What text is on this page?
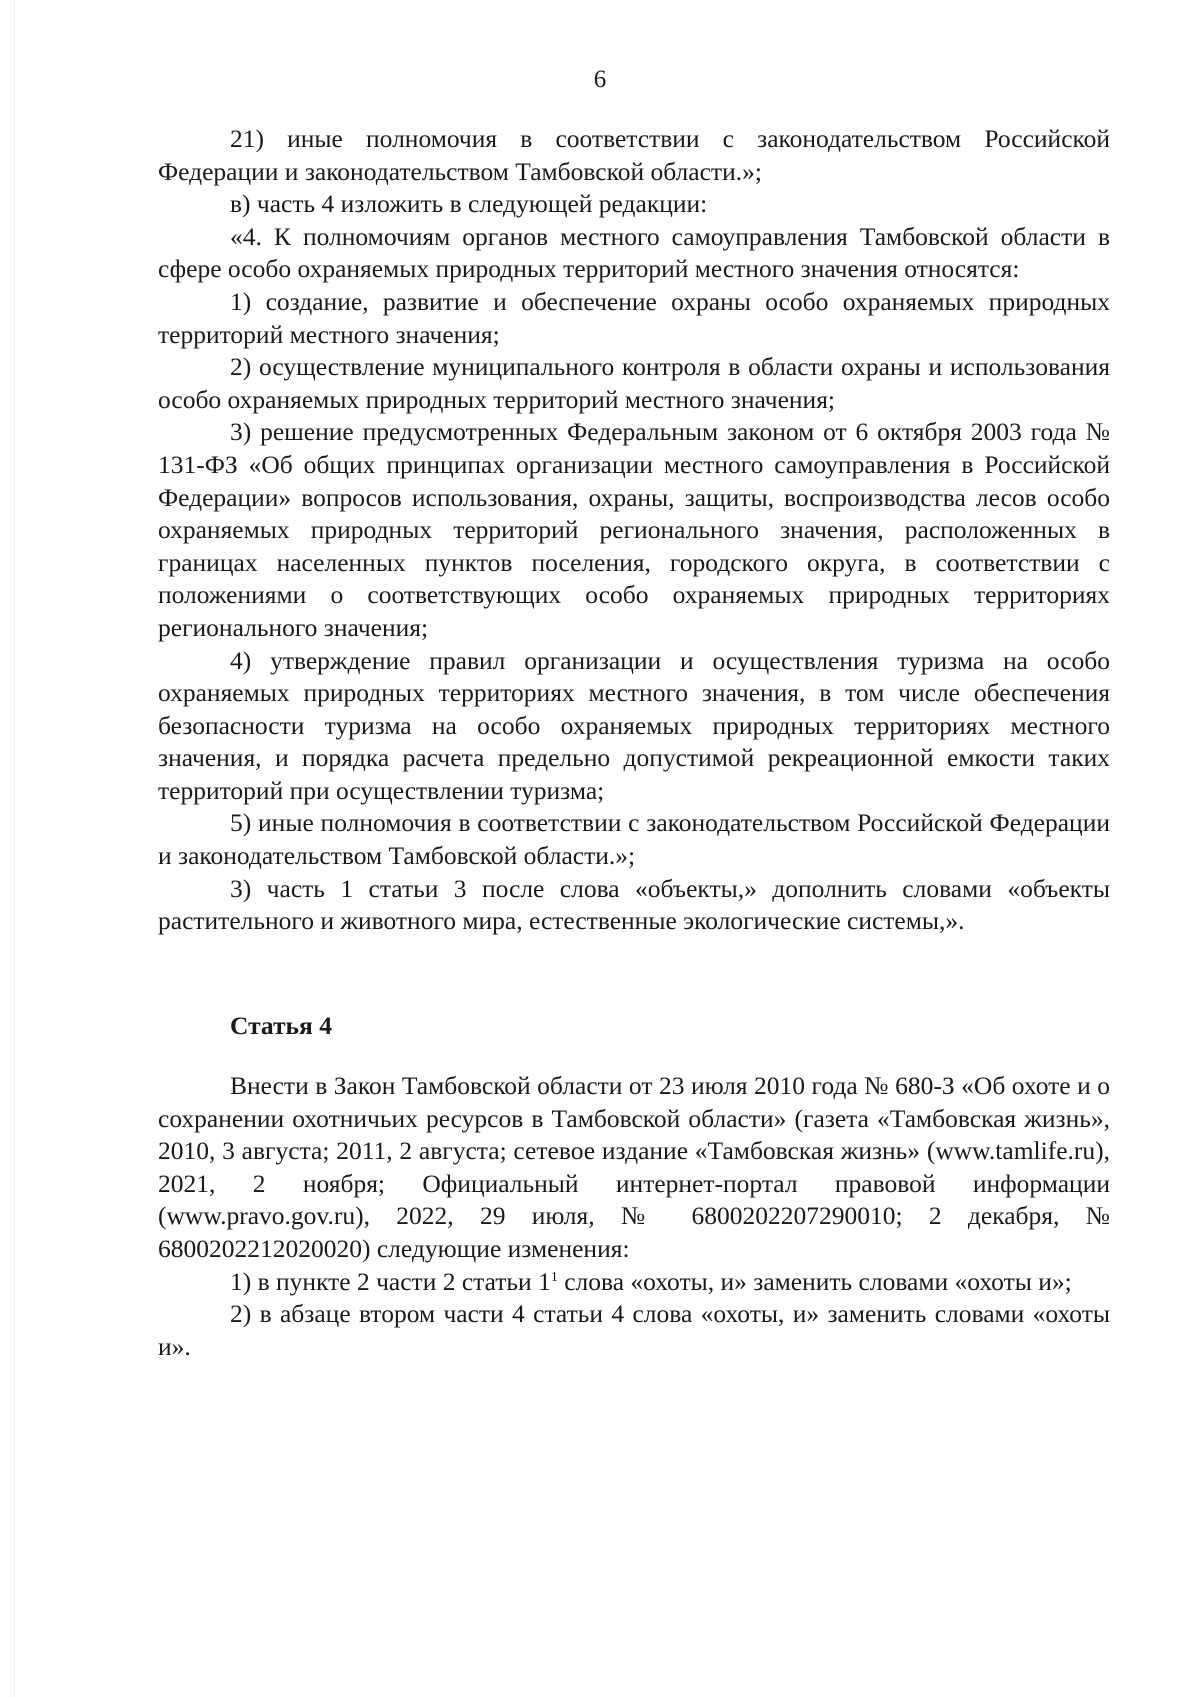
6

21) иные полномочия в соответствии с законодательством Российской Федерации и законодательством Тамбовской области.»;

в) часть 4 изложить в следующей редакции:

«4. К полномочиям органов местного самоуправления Тамбовской области в сфере особо охраняемых природных территорий местного значения относятся:

1) создание, развитие и обеспечение охраны особо охраняемых природных территорий местного значения;

2) осуществление муниципального контроля в области охраны и использования особо охраняемых природных территорий местного значения;

3) решение предусмотренных Федеральным законом от 6 октября 2003 года № 131-ФЗ «Об общих принципах организации местного самоуправления в Российской Федерации» вопросов использования, охраны, защиты, воспроизводства лесов особо охраняемых природных территорий регионального значения, расположенных в границах населенных пунктов поселения, городского округа, в соответствии с положениями о соответствующих особо охраняемых природных территориях регионального значения;

4) утверждение правил организации и осуществления туризма на особо охраняемых природных территориях местного значения, в том числе обеспечения безопасности туризма на особо охраняемых природных территориях местного значения, и порядка расчета предельно допустимой рекреационной емкости таких территорий при осуществлении туризма;

5) иные полномочия в соответствии с законодательством Российской Федерации и законодательством Тамбовской области.»;

3) часть 1 статьи 3 после слова «объекты,» дополнить словами «объекты растительного и животного мира, естественные экологические системы,».

Статья 4

Внести в Закон Тамбовской области от 23 июля 2010 года № 680-З «Об охоте и о сохранении охотничьих ресурсов в Тамбовской области» (газета «Тамбовская жизнь», 2010, 3 августа; 2011, 2 августа; сетевое издание «Тамбовская жизнь» (www.tamlife.ru), 2021, 2 ноября; Официальный интернет-портал правовой информации (www.pravo.gov.ru), 2022, 29 июля, № 6800202207290010; 2 декабря, № 6800202212020020) следующие изменения:

1) в пункте 2 части 2 статьи $1^1$ слова «охоты, и» заменить словами «охоты и»;

2) в абзаце втором части 4 статьи 4 слова «охоты, и» заменить словами «охоты и».
